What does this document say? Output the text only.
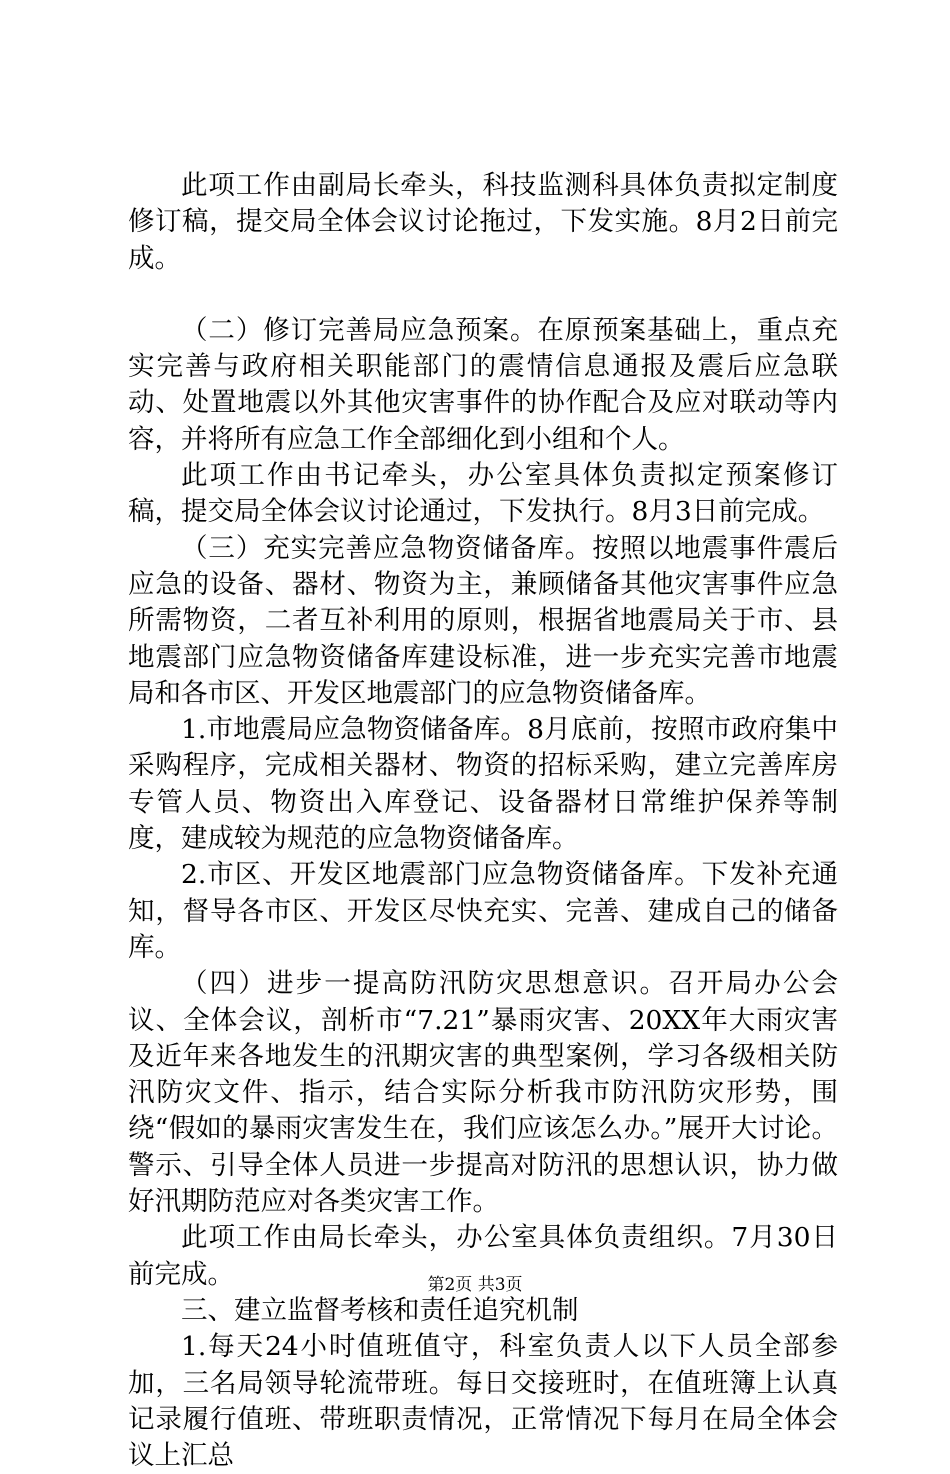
此项工作由副局长牵头，科技监测科具体负责拟定制度修订稿，提交局全体会议讨论拖过，下发实施。8月2日前完成。

（二）修订完善局应急预案。在原预案基础上，重点充实完善与政府相关职能部门的震情信息通报及震后应急联动、处置地震以外其他灾害事件的协作配合及应对联动等内容，并将所有应急工作全部细化到小组和个人。

此项工作由书记牵头，办公室具体负责拟定预案修订稿，提交局全体会议讨论通过，下发执行。8月3日前完成。

（三）充实完善应急物资储备库。按照以地震事件震后应急的设备、器材、物资为主，兼顾储备其他灾害事件应急所需物资，二者互补利用的原则，根据省地震局关于市、县地震部门应急物资储备库建设标准，进一步充实完善市地震局和各市区、开发区地震部门的应急物资储备库。

1.市地震局应急物资储备库。8月底前，按照市政府集中采购程序，完成相关器材、物资的招标采购，建立完善库房专管人员、物资出入库登记、设备器材日常维护保养等制度，建成较为规范的应急物资储备库。

2.市区、开发区地震部门应急物资储备库。下发补充通知，督导各市区、开发区尽快充实、完善、建成自己的储备库。

（四）进步一提高防汛防灾思想意识。召开局办公会议、全体会议，剖析市“7.21”暴雨灾害、20XX年大雨灾害及近年来各地发生的汛期灾害的典型案例，学习各级相关防汛防灾文件、指示，结合实际分析我市防汛防灾形势，围绕“假如的暴雨灾害发生在，我们应该怎么办。”展开大讨论。警示、引导全体人员进一步提高对防汛的思想认识，协力做好汛期防范应对各类灾害工作。

此项工作由局长牵头，办公室具体负责组织。7月30日前完成。

三、建立监督考核和责任追究机制

1.每天24小时值班值守，科室负责人以下人员全部参加，三名局领导轮流带班。每日交接班时，在值班簿上认真记录履行值班、带班职责情况，正常情况下每月在局全体会议上汇总

第2页 共3页
